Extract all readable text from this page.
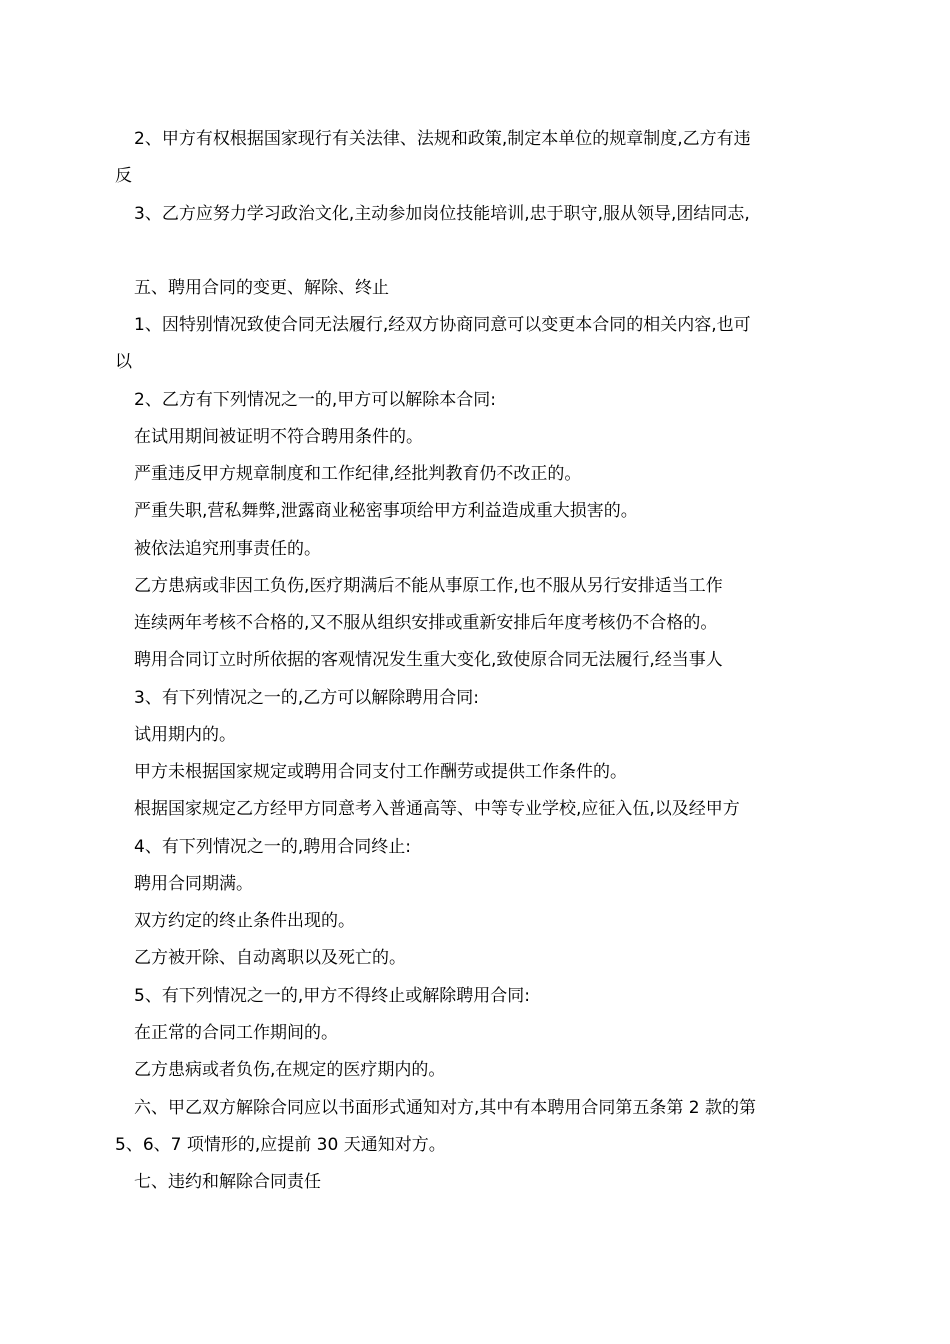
2、甲方有权根据国家现行有关法律、法规和政策,制定本单位的规章制度,乙方有违
反
3、乙方应努力学习政治文化,主动参加岗位技能培训,忠于职守,服从领导,团结同志,
五、聘用合同的变更、解除、终止
1、因特别情况致使合同无法履行,经双方协商同意可以变更本合同的相关内容,也可
以
2、乙方有下列情况之一的,甲方可以解除本合同:
在试用期间被证明不符合聘用条件的。
严重违反甲方规章制度和工作纪律,经批判教育仍不改正的。
严重失职,营私舞弊,泄露商业秘密事项给甲方利益造成重大损害的。
被依法追究刑事责任的。
乙方患病或非因工负伤,医疗期满后不能从事原工作,也不服从另行安排适当工作
连续两年考核不合格的,又不服从组织安排或重新安排后年度考核仍不合格的。
聘用合同订立时所依据的客观情况发生重大变化,致使原合同无法履行,经当事人
3、有下列情况之一的,乙方可以解除聘用合同:
试用期内的。
甲方未根据国家规定或聘用合同支付工作酬劳或提供工作条件的。
根据国家规定乙方经甲方同意考入普通高等、中等专业学校,应征入伍,以及经甲方
4、有下列情况之一的,聘用合同终止:
聘用合同期满。
双方约定的终止条件出现的。
乙方被开除、自动离职以及死亡的。
5、有下列情况之一的,甲方不得终止或解除聘用合同:
在正常的合同工作期间的。
乙方患病或者负伤,在规定的医疗期内的。
六、甲乙双方解除合同应以书面形式通知对方,其中有本聘用合同第五条第 2 款的第
5、6、7 项情形的,应提前 30 天通知对方。
七、违约和解除合同责任
